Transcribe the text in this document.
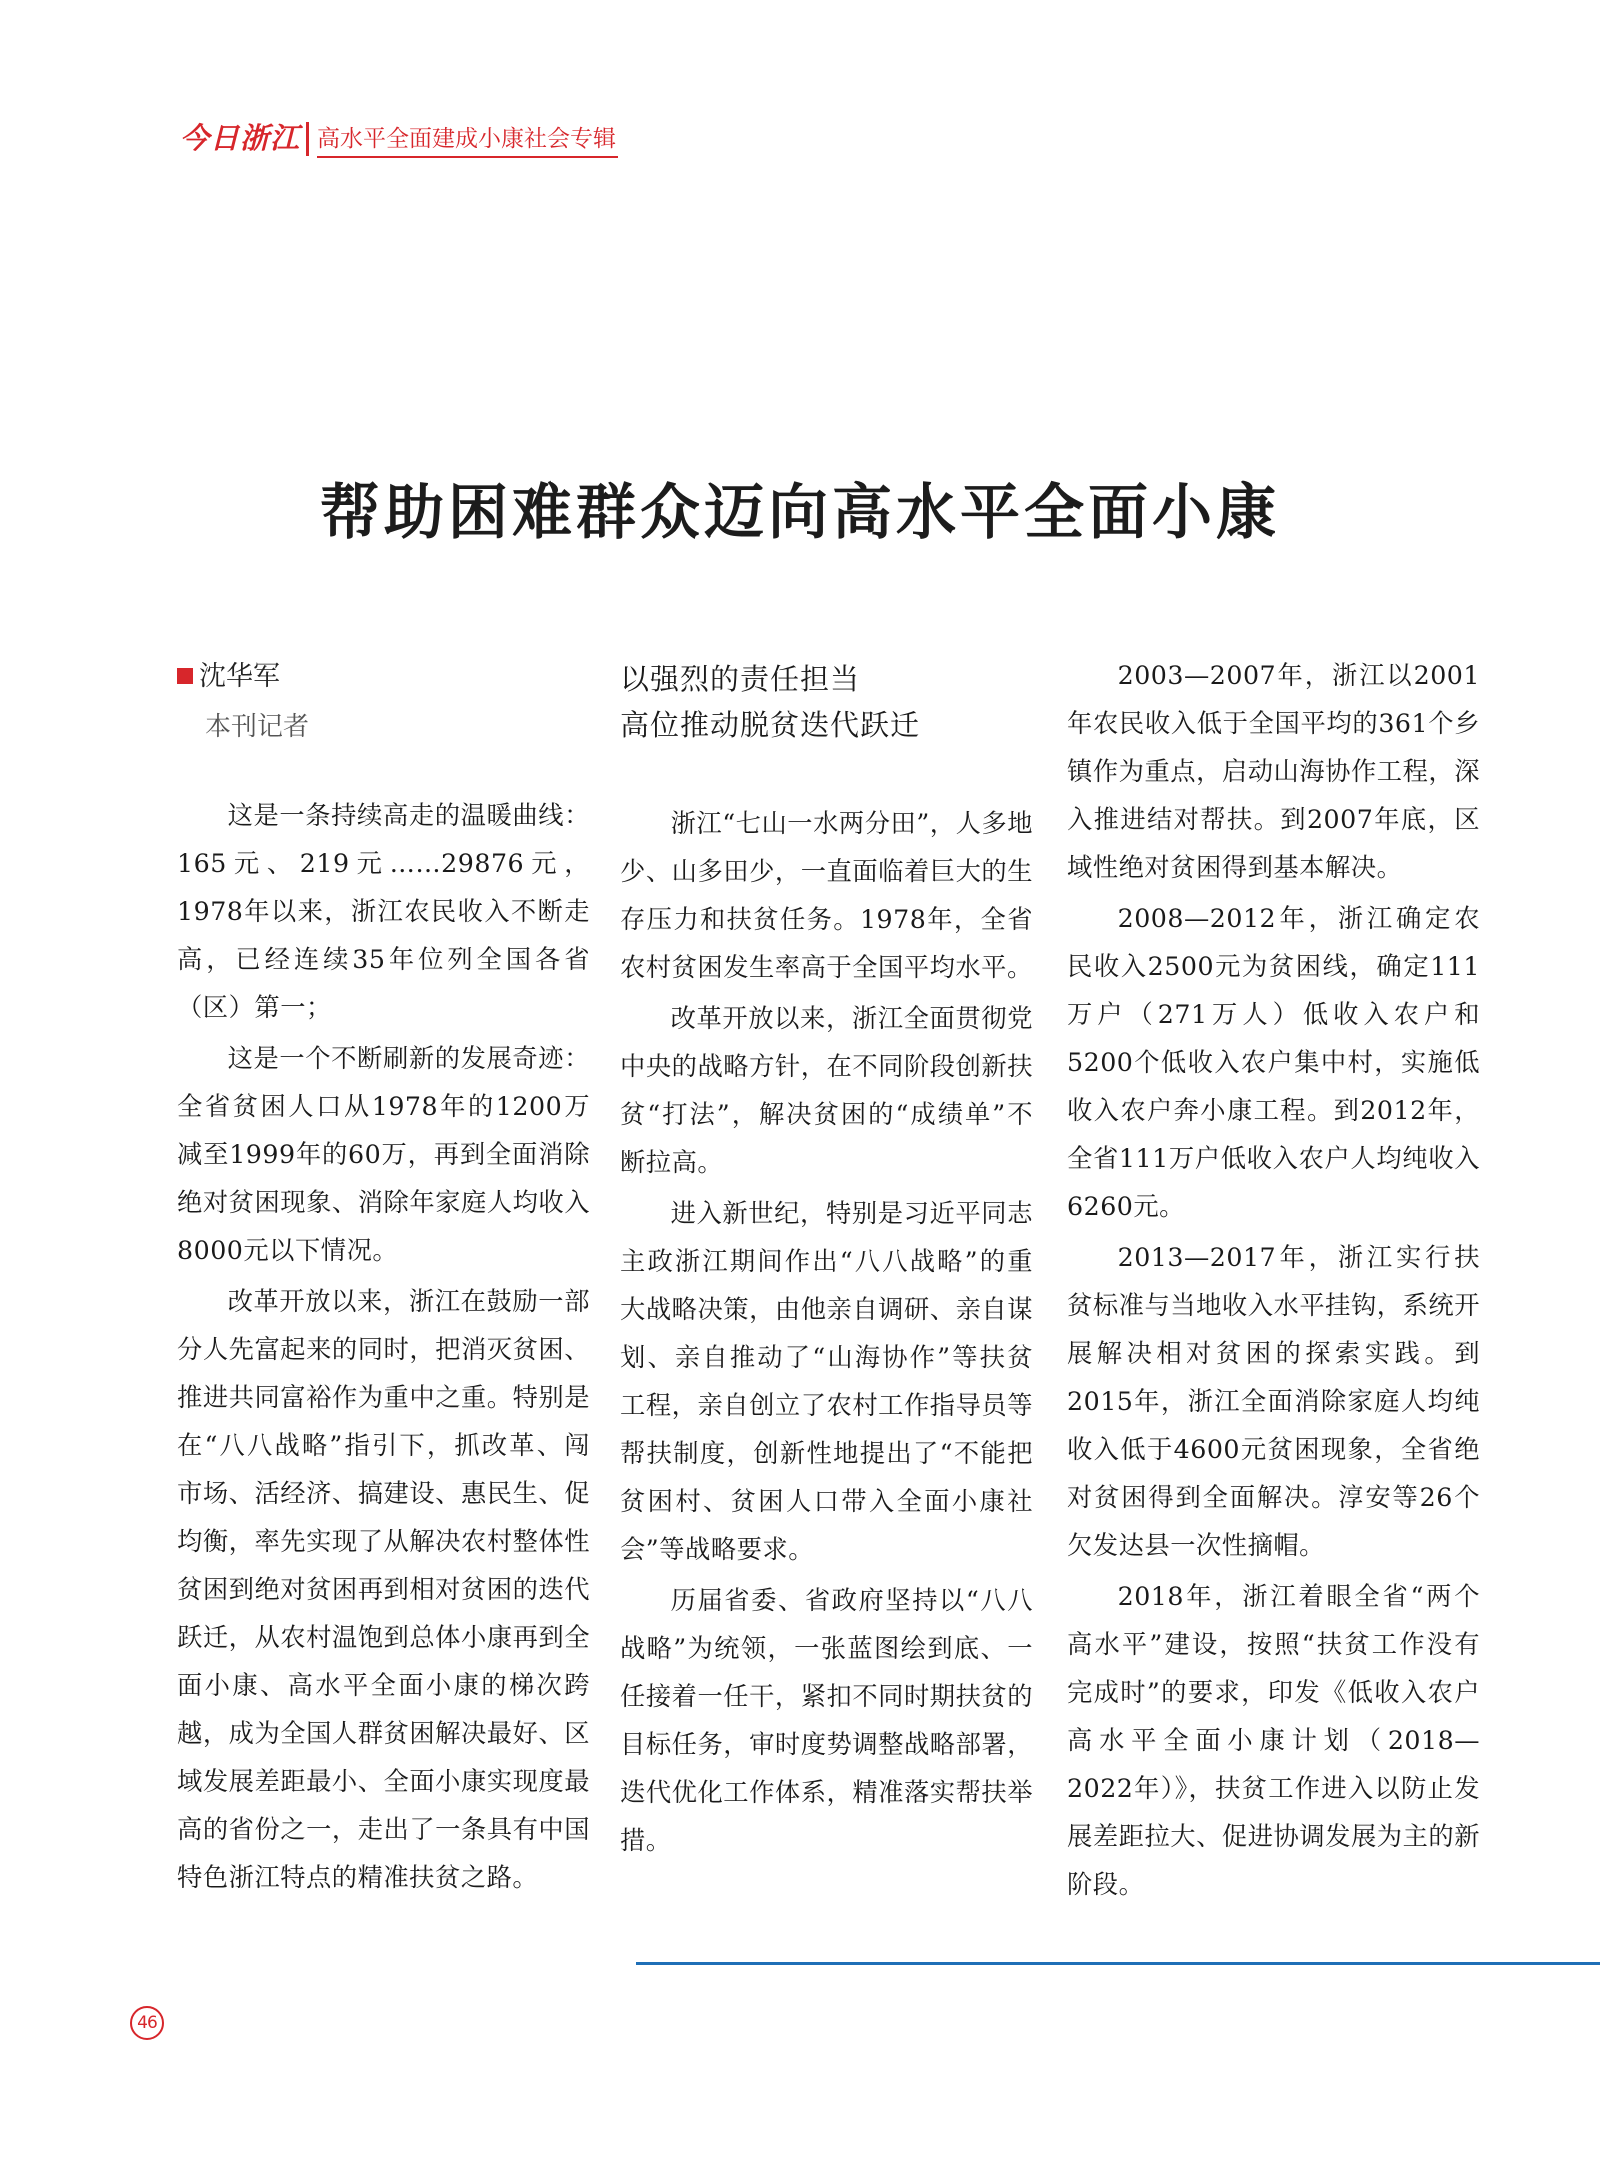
今日浙江 高水平全面建成小康社会专辑
帮助困难群众迈向高水平全面小康
沈华军
本刊记者
以强烈的责任担当
高位推动脱贫迭代跃迁

这是一条持续高走的温暖曲线：165元、219元……29876元，1978年以来，浙江农民收入不断走高，已经连续35年位列全国各省（区）第一；

这是一个不断刷新的发展奇迹：全省贫困人口从1978年的1200万减至1999年的60万，再到全面消除绝对贫困现象、消除年家庭人均收入8000元以下情况。

改革开放以来，浙江在鼓励一部分人先富起来的同时，把消灭贫困、推进共同富裕作为重中之重。特别是在“八八战略”指引下，抓改革、闯市场、活经济、搞建设、惠民生、促均衡，率先实现了从解决农村整体性贫困到绝对贫困再到相对贫困的迭代跃迁，从农村温饱到总体小康再到全面小康、高水平全面小康的梯次跨越，成为全国人群贫困解决最好、区域发展差距最小、全面小康实现度最高的省份之一，走出了一条具有中国特色浙江特点的精准扶贫之路。

浙江“七山一水两分田”，人多地少、山多田少，一直面临着巨大的生存压力和扶贫任务。1978年，全省农村贫困发生率高于全国平均水平。

改革开放以来，浙江全面贯彻党中央的战略方针，在不同阶段创新扶贫“打法”，解决贫困的“成绩单”不断拉高。

进入新世纪，特别是习近平同志主政浙江期间作出“八八战略”的重大战略决策，由他亲自调研、亲自谋划、亲自推动了“山海协作”等扶贫工程，亲自创立了农村工作指导员等帮扶制度，创新性地提出了“不能把贫困村、贫困人口带入全面小康社会”等战略要求。

历届省委、省政府坚持以“八八战略”为统领，一张蓝图绘到底、一任接着一任干，紧扣不同时期扶贫的目标任务，审时度势调整战略部署，迭代优化工作体系，精准落实帮扶举措。

2003—2007年，浙江以2001年农民收入低于全国平均的361个乡镇作为重点，启动山海协作工程，深入推进结对帮扶。到2007年底，区域性绝对贫困得到基本解决。

2008—2012年，浙江确定农民收入2500元为贫困线，确定111万户（271万人）低收入农户和5200个低收入农户集中村，实施低收入农户奔小康工程。到2012年，全省111万户低收入农户人均纯收入6260元。

2013—2017年，浙江实行扶贫标准与当地收入水平挂钩，系统开展解决相对贫困的探索实践。到2015年，浙江全面消除家庭人均纯收入低于4600元贫困现象，全省绝对贫困得到全面解决。淳安等26个欠发达县一次性摘帽。

2018年，浙江着眼全省“两个高水平”建设，按照“扶贫工作没有完成时”的要求，印发《低收入农户高水平全面小康计划（2018—2022年）》，扶贫工作进入以防止发展差距拉大、促进协调发展为主的新阶段。

46
